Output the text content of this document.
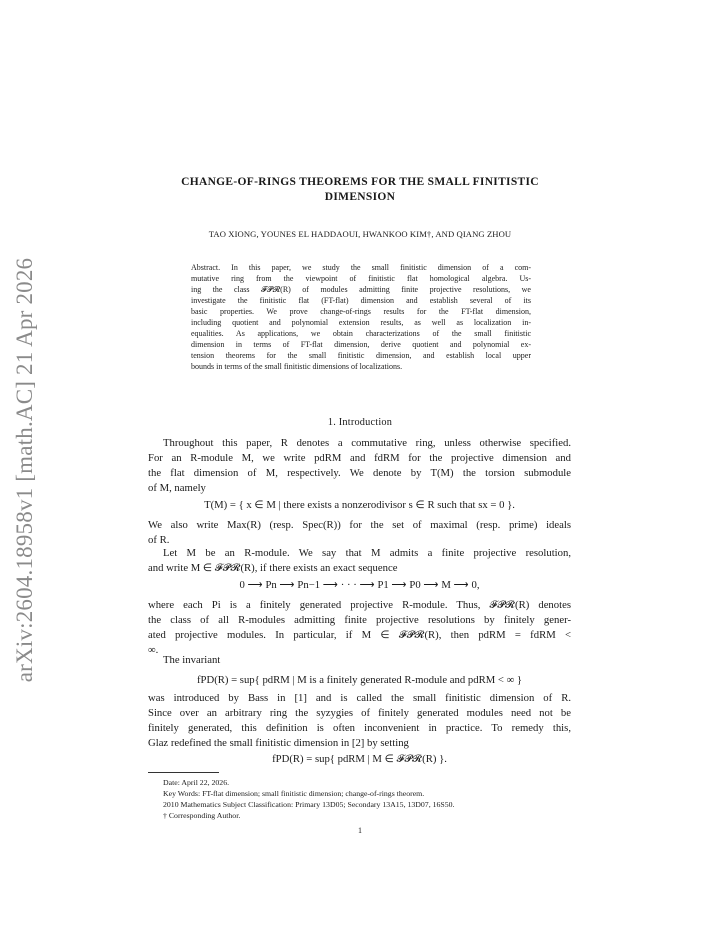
arXiv:2604.18958v1 [math.AC] 21 Apr 2026
CHANGE-OF-RINGS THEOREMS FOR THE SMALL FINITISTIC
DIMENSION
TAO XIONG, YOUNES EL HADDAOUI, HWANKOO KIM†, AND QIANG ZHOU
Abstract. In this paper, we study the small finitistic dimension of a com-
mutative ring from the viewpoint of finitistic flat homological algebra. Us-
ing the class 𝓕𝓟𝓡(R) of modules admitting finite projective resolutions, we
investigate the finitistic flat (FT-flat) dimension and establish several of its
basic properties. We prove change-of-rings results for the FT-flat dimension,
including quotient and polynomial extension results, as well as localization in-
equalities. As applications, we obtain characterizations of the small finitistic
dimension in terms of FT-flat dimension, derive quotient and polynomial ex-
tension theorems for the small finitistic dimension, and establish local upper
bounds in terms of the small finitistic dimensions of localizations.
1. Introduction
Throughout this paper, R denotes a commutative ring, unless otherwise specified.
For an R-module M, we write pdRM and fdRM for the projective dimension and
the flat dimension of M, respectively. We denote by T(M) the torsion submodule
of M, namely
T(M) = { x ∈ M | there exists a nonzerodivisor s ∈ R such that sx = 0 }.
We also write Max(R) (resp. Spec(R)) for the set of maximal (resp. prime) ideals
of R.
Let M be an R-module. We say that M admits a finite projective resolution,
and write M ∈ 𝓕𝓟𝓡(R), if there exists an exact sequence
0 ⟶ Pn ⟶ Pn−1 ⟶ · · · ⟶ P1 ⟶ P0 ⟶ M ⟶ 0,
where each Pi is a finitely generated projective R-module. Thus, 𝓕𝓟𝓡(R) denotes
the class of all R-modules admitting finite projective resolutions by finitely gener-
ated projective modules. In particular, if M ∈ 𝓕𝓟𝓡(R), then pdRM = fdRM <
∞.
The invariant
fPD(R) = sup{ pdRM | M is a finitely generated R-module and pdRM < ∞ }
was introduced by Bass in [1] and is called the small finitistic dimension of R.
Since over an arbitrary ring the syzygies of finitely generated modules need not be
finitely generated, this definition is often inconvenient in practice. To remedy this,
Glaz redefined the small finitistic dimension in [2] by setting
fPD(R) = sup{ pdRM | M ∈ 𝓕𝓟𝓡(R) }.
Date: April 22, 2026.
Key Words: FT-flat dimension; small finitistic dimension; change-of-rings theorem.
2010 Mathematics Subject Classification: Primary 13D05; Secondary 13A15, 13D07, 16S50.
† Corresponding Author.
1
